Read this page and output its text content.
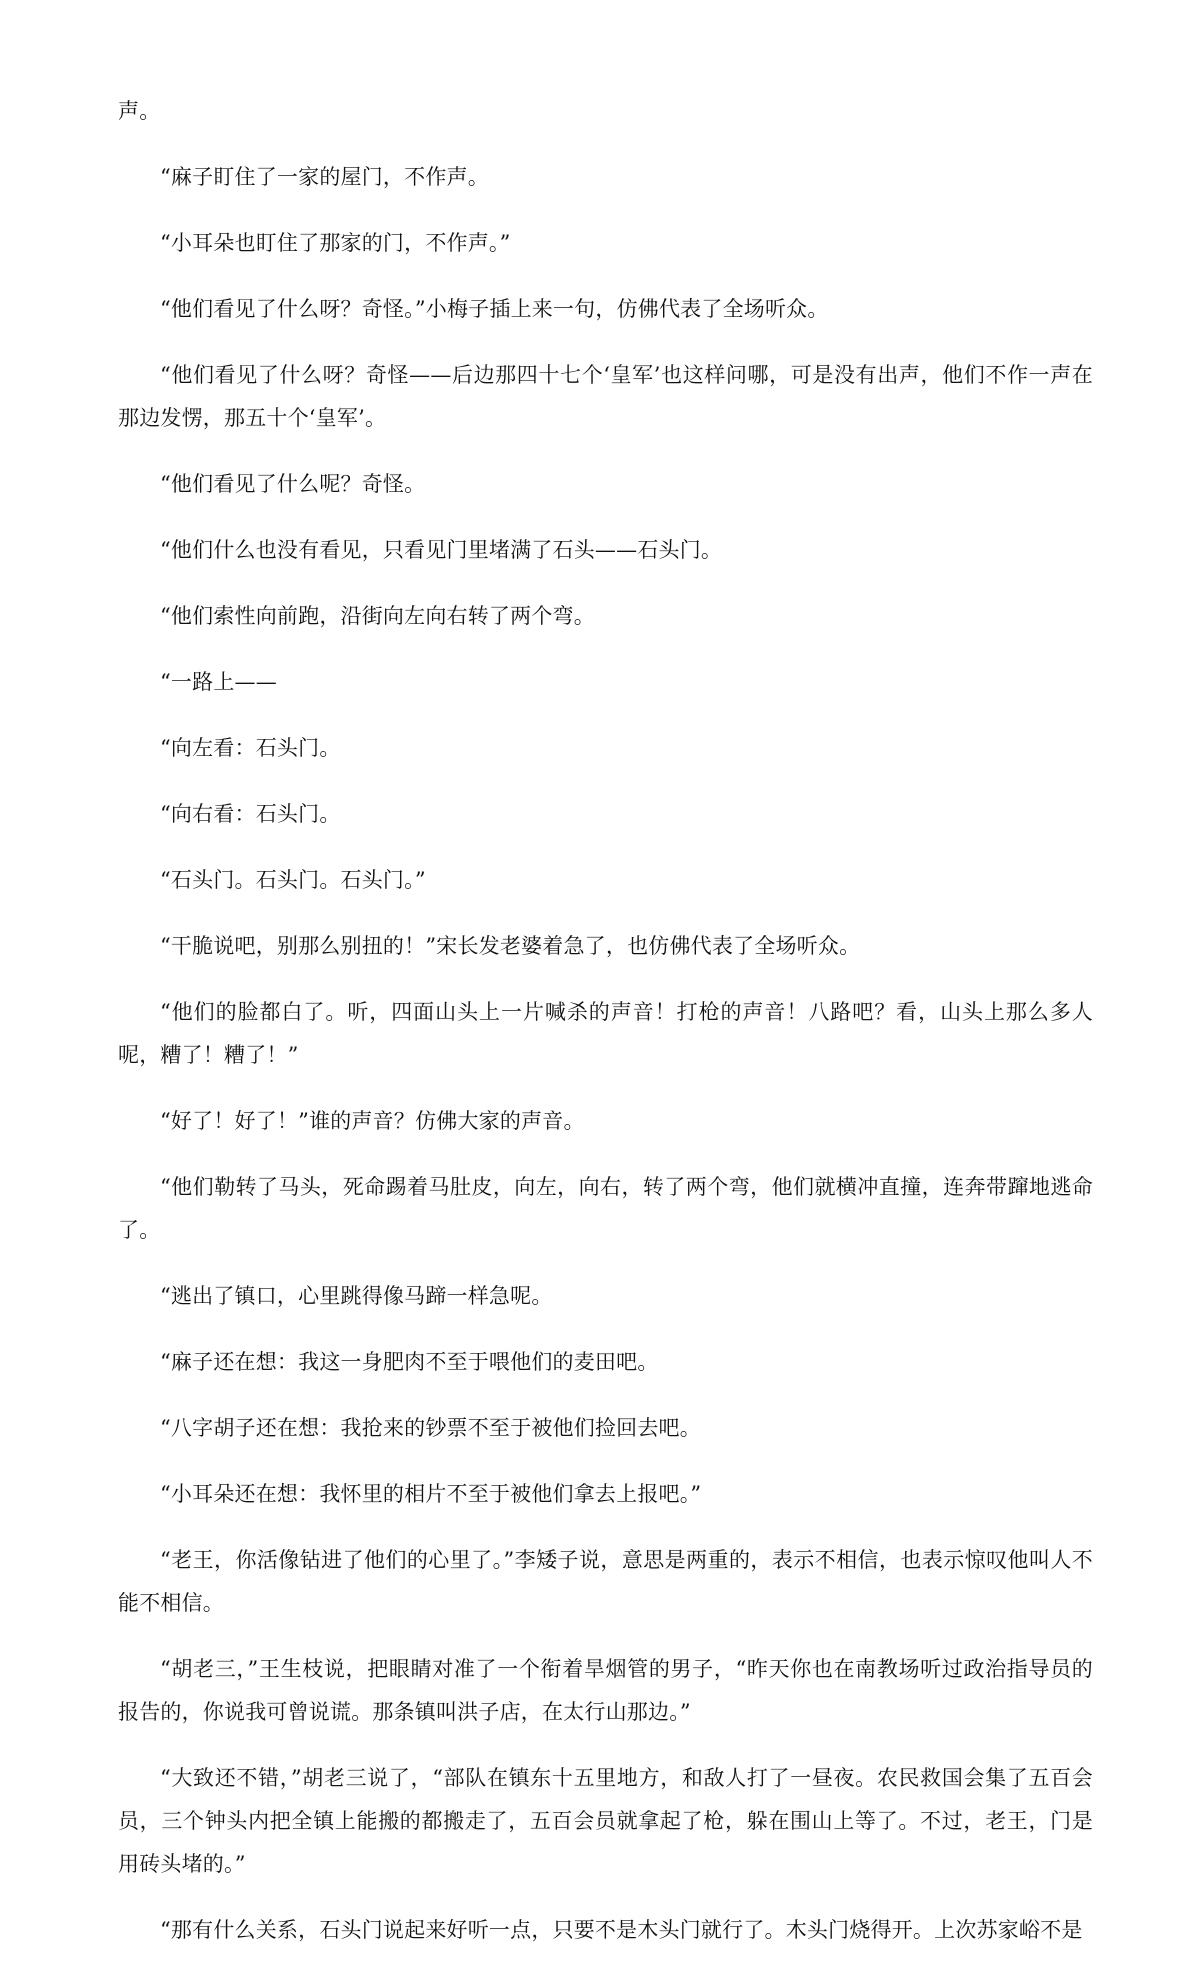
声。

“麻子盯住了一家的屋门，不作声。

“小耳朵也盯住了那家的门，不作声。”

“他们看见了什么呀？奇怪。”小梅子插上来一句，仿佛代表了全场听众。

“他们看见了什么呀？奇怪——后边那四十七个‘皇军’也这样问哪，可是没有出声，他们不作一声在那边发愣，那五十个‘皇军’。

“他们看见了什么呢？奇怪。

“他们什么也没有看见，只看见门里堵满了石头——石头门。

“他们索性向前跑，沿街向左向右转了两个弯。

“一路上——

“向左看：石头门。

“向右看：石头门。

“石头门。石头门。石头门。”

“干脆说吧，别那么别扭的！”宋长发老婆着急了，也仿佛代表了全场听众。

“他们的脸都白了。听，四面山头上一片喊杀的声音！打枪的声音！八路吧？看，山头上那么多人呢，糟了！糟了！”

“好了！好了！”谁的声音？仿佛大家的声音。

“他们勒转了马头，死命踢着马肚皮，向左，向右，转了两个弯，他们就横冲直撞，连奔带蹿地逃命了。

“逃出了镇口，心里跳得像马蹄一样急呢。

“麻子还在想：我这一身肥肉不至于喂他们的麦田吧。

“八字胡子还在想：我抢来的钞票不至于被他们捡回去吧。

“小耳朵还在想：我怀里的相片不至于被他们拿去上报吧。”

“老王，你活像钻进了他们的心里了。”李矮子说，意思是两重的，表示不相信，也表示惊叹他叫人不能不相信。

“胡老三，”王生枝说，把眼睛对准了一个衔着旱烟管的男子，“昨天你也在南教场听过政治指导员的报告的，你说我可曾说谎。那条镇叫洪子店，在太行山那边。”

“大致还不错，”胡老三说了，“部队在镇东十五里地方，和敌人打了一昼夜。农民救国会集了五百会员，三个钟头内把全镇上能搬的都搬走了，五百会员就拿起了枪，躲在围山上等了。不过，老王，门是用砖头堵的。”

“那有什么关系，石头门说起来好听一点，只要不是木头门就行了。木头门烧得开。上次苏家峪不是
